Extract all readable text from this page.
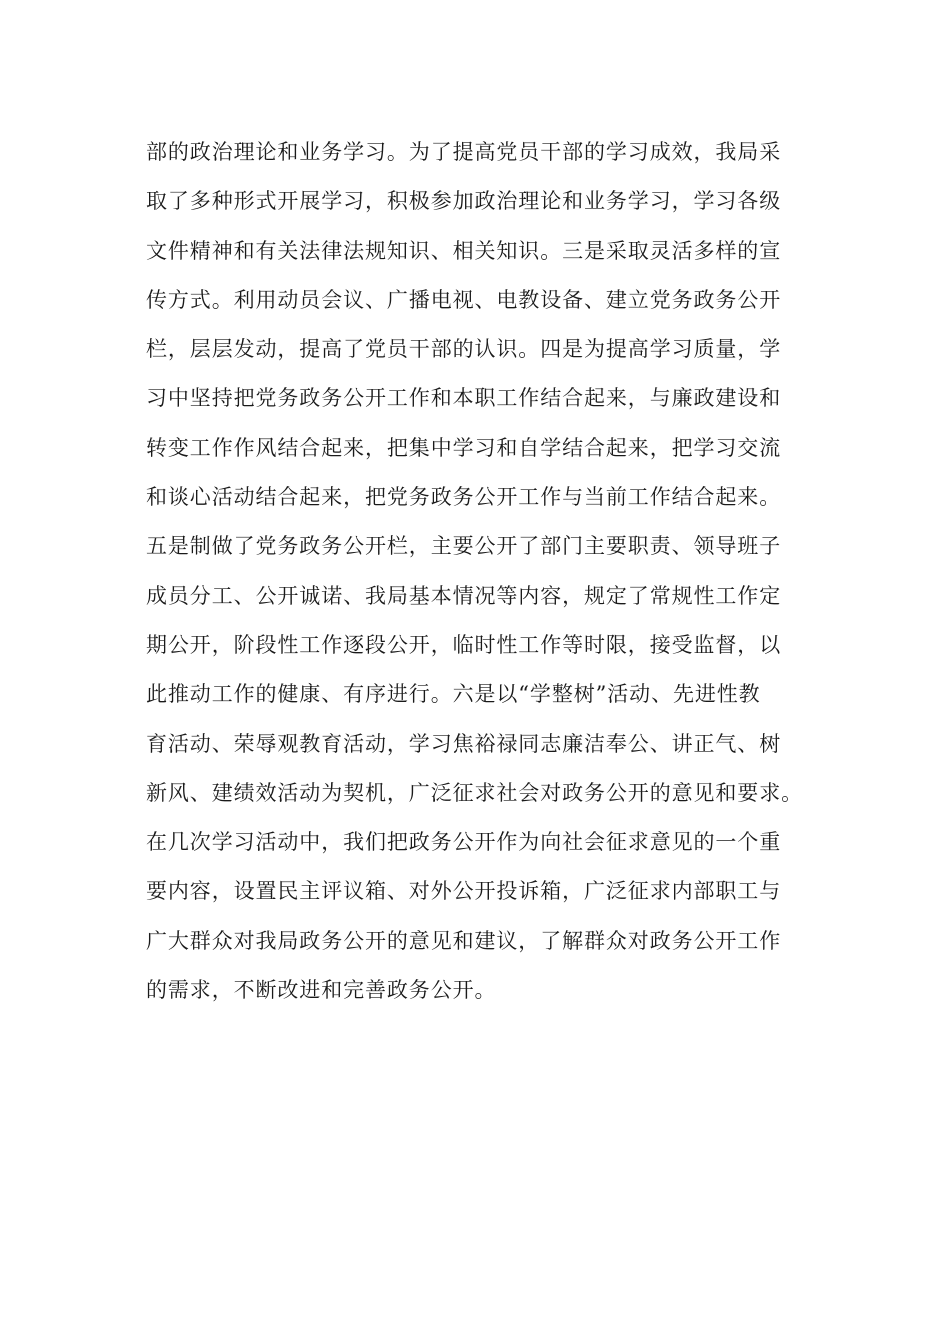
部的政治理论和业务学习。为了提高党员干部的学习成效，我局采
取了多种形式开展学习，积极参加政治理论和业务学习，学习各级
文件精神和有关法律法规知识、相关知识。三是采取灵活多样的宣
传方式。利用动员会议、广播电视、电教设备、建立党务政务公开
栏，层层发动，提高了党员干部的认识。四是为提高学习质量，学
习中坚持把党务政务公开工作和本职工作结合起来，与廉政建设和
转变工作作风结合起来，把集中学习和自学结合起来，把学习交流
和谈心活动结合起来，把党务政务公开工作与当前工作结合起来。
五是制做了党务政务公开栏，主要公开了部门主要职责、领导班子
成员分工、公开诚诺、我局基本情况等内容，规定了常规性工作定
期公开，阶段性工作逐段公开，临时性工作等时限，接受监督，以
此推动工作的健康、有序进行。六是以“学整树”活动、先进性教
育活动、荣辱观教育活动，学习焦裕禄同志廉洁奉公、讲正气、树
新风、建绩效活动为契机，广泛征求社会对政务公开的意见和要求。
在几次学习活动中，我们把政务公开作为向社会征求意见的一个重
要内容，设置民主评议箱、对外公开投诉箱，广泛征求内部职工与
广大群众对我局政务公开的意见和建议，了解群众对政务公开工作
的需求，不断改进和完善政务公开。
